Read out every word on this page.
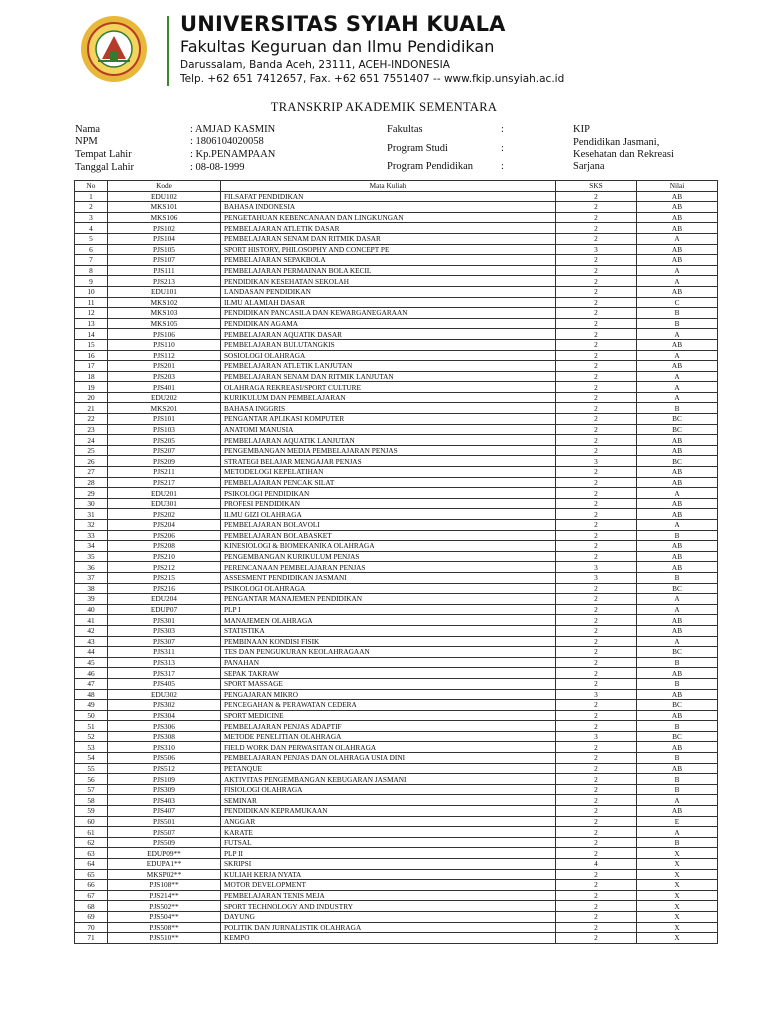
UNIVERSITAS SYIAH KUALA
Fakultas Keguruan dan Ilmu Pendidikan
Darussalam, Banda Aceh, 23111, ACEH-INDONESIA
Telp. +62 651 7412657, Fax. +62 651 7551407 -- www.fkip.unsyiah.ac.id
TRANSKRIP AKADEMIK SEMENTARA
Nama	: AMJAD KASMIN
NPM	: 1806104020058
Tempat Lahir	: Kp.PENAMPAAN
Tanggal Lahir	: 08-08-1999
Fakultas	:	KIP
Program Studi	:
Pendidikan Jasmani,
Kesehatan dan Rekreasi
Program Pendidikan	:	Sarjana
No	Kode	Mata Kuliah	SKS	Nilai
1	EDU102	FILSAFAT PENDIDIKAN	2	AB
2	MKS101	BAHASA INDONESIA	2	AB
3	MKS106	PENGETAHUAN KEBENCANAAN DAN LINGKUNGAN	2	AB
4	PJS102	PEMBELAJARAN ATLETIK DASAR	2	AB
5	PJS104	PEMBELAJARAN SENAM DAN RITMIK DASAR	2	A
6	PJS105	SPORT HISTORY, PHILOSOPHY AND CONCEPT PE	3	AB
7	PJS107	PEMBELAJARAN SEPAKBOLA	2	AB
8	PJS111	PEMBELAJARAN PERMAINAN BOLA KECIL	2	A
9	PJS213	PENDIDIKAN KESEHATAN SEKOLAH	2	A
10	EDU101	LANDASAN PENDIDIKAN	2	AB
11	MKS102	ILMU ALAMIAH DASAR	2	C
12	MKS103	PENDIDIKAN PANCASILA DAN KEWARGANEGARAAN	2	B
13	MKS105	PENDIDIKAN AGAMA	2	B
14	PJS106	PEMBELAJARAN AQUATIK DASAR	2	A
15	PJS110	PEMBELAJARAN BULUTANGKIS	2	AB
16	PJS112	SOSIOLOGI OLAHRAGA	2	A
17	PJS201	PEMBELAJARAN ATLETIK LANJUTAN	2	AB
18	PJS203	PEMBELAJARAN SENAM DAN RITMIK LANJUTAN	2	A
19	PJS401	OLAHRAGA REKREASI/SPORT CULTURE	2	A
20	EDU202	KURIKULUM DAN PEMBELAJARAN	2	A
21	MKS201	BAHASA INGGRIS	2	B
22	PJS101	PENGANTAR APLIKASI KOMPUTER	2	BC
23	PJS103	ANATOMI MANUSIA	2	BC
24	PJS205	PEMBELAJARAN AQUATIK LANJUTAN	2	AB
25	PJS207	PENGEMBANGAN MEDIA PEMBELAJARAN PENJAS	2	AB
26	PJS209	STRATEGI BELAJAR MENGAJAR PENJAS	3	BC
27	PJS211	METODELOGI KEPELATIHAN	2	AB
28	PJS217	PEMBELAJARAN PENCAK SILAT	2	AB
29	EDU201	PSIKOLOGI PENDIDIKAN	2	A
30	EDU301	PROFESI PENDIDIKAN	2	AB
31	PJS202	ILMU GIZI OLAHRAGA	2	AB
32	PJS204	PEMBELAJARAN BOLAVOLI	2	A
33	PJS206	PEMBELAJARAN BOLABASKET	2	B
34	PJS208	KINESIOLOGI & BIOMEKANIKA OLAHRAGA	2	AB
35	PJS210	PENGEMBANGAN KURIKULUM PENJAS	2	AB
36	PJS212	PERENCANAAN PEMBELAJARAN PENJAS	3	AB
37	PJS215	ASSESMENT PENDIDIKAN JASMANI	3	B
38	PJS216	PSIKOLOGI OLAHRAGA	2	BC
39	EDU204	PENGANTAR MANAJEMEN PENDIDIKAN	2	A
40	EDUP07	PLP I	2	A
41	PJS301	MANAJEMEN OLAHRAGA	2	AB
42	PJS303	STATISTIKA	2	AB
43	PJS307	PEMBINAAN KONDISI FISIK	2	A
44	PJS311	TES DAN PENGUKURAN KEOLAHRAGAAN	2	BC
45	PJS313	PANAHAN	2	B
46	PJS317	SEPAK TAKRAW	2	AB
47	PJS405	SPORT MASSAGE	2	B
48	EDU302	PENGAJARAN MIKRO	3	AB
49	PJS302	PENCEGAHAN & PERAWATAN CEDERA	2	BC
50	PJS304	SPORT MEDICINE	2	AB
51	PJS306	PEMBELAJARAN PENJAS ADAPTIF	2	B
52	PJS308	METODE PENELITIAN OLAHRAGA	3	BC
53	PJS310	FIELD WORK DAN PERWASITAN OLAHRAGA	2	AB
54	PJS506	PEMBELAJARAN PENJAS DAN OLAHRAGA USIA DINI	2	B
55	PJS512	PETANQUE	2	AB
56	PJS109	AKTIVITAS PENGEMBANGAN KEBUGARAN JASMANI	2	B
57	PJS309	FISIOLOGI OLAHRAGA	2	B
58	PJS403	SEMINAR	2	A
59	PJS407	PENDIDIKAN KEPRAMUKAAN	2	AB
60	PJS501	ANGGAR	2	E
61	PJS507	KARATE	2	A
62	PJS509	FUTSAL	2	B
63	EDUP09**	PLP II	2	X
64	EDUPA1**	SKRIPSI	4	X
65	MKSP02**	KULIAH KERJA NYATA	2	X
66	PJS108**	MOTOR DEVELOPMENT	2	X
67	PJS214**	PEMBELAJARAN TENIS MEJA	2	X
68	PJS502**	SPORT TECHNOLOGY AND INDUSTRY	2	X
69	PJS504**	DAYUNG	2	X
70	PJS508**	POLITIK DAN JURNALISTIK OLAHRAGA	2	X
71	PJS510**	KEMPO	2	X
